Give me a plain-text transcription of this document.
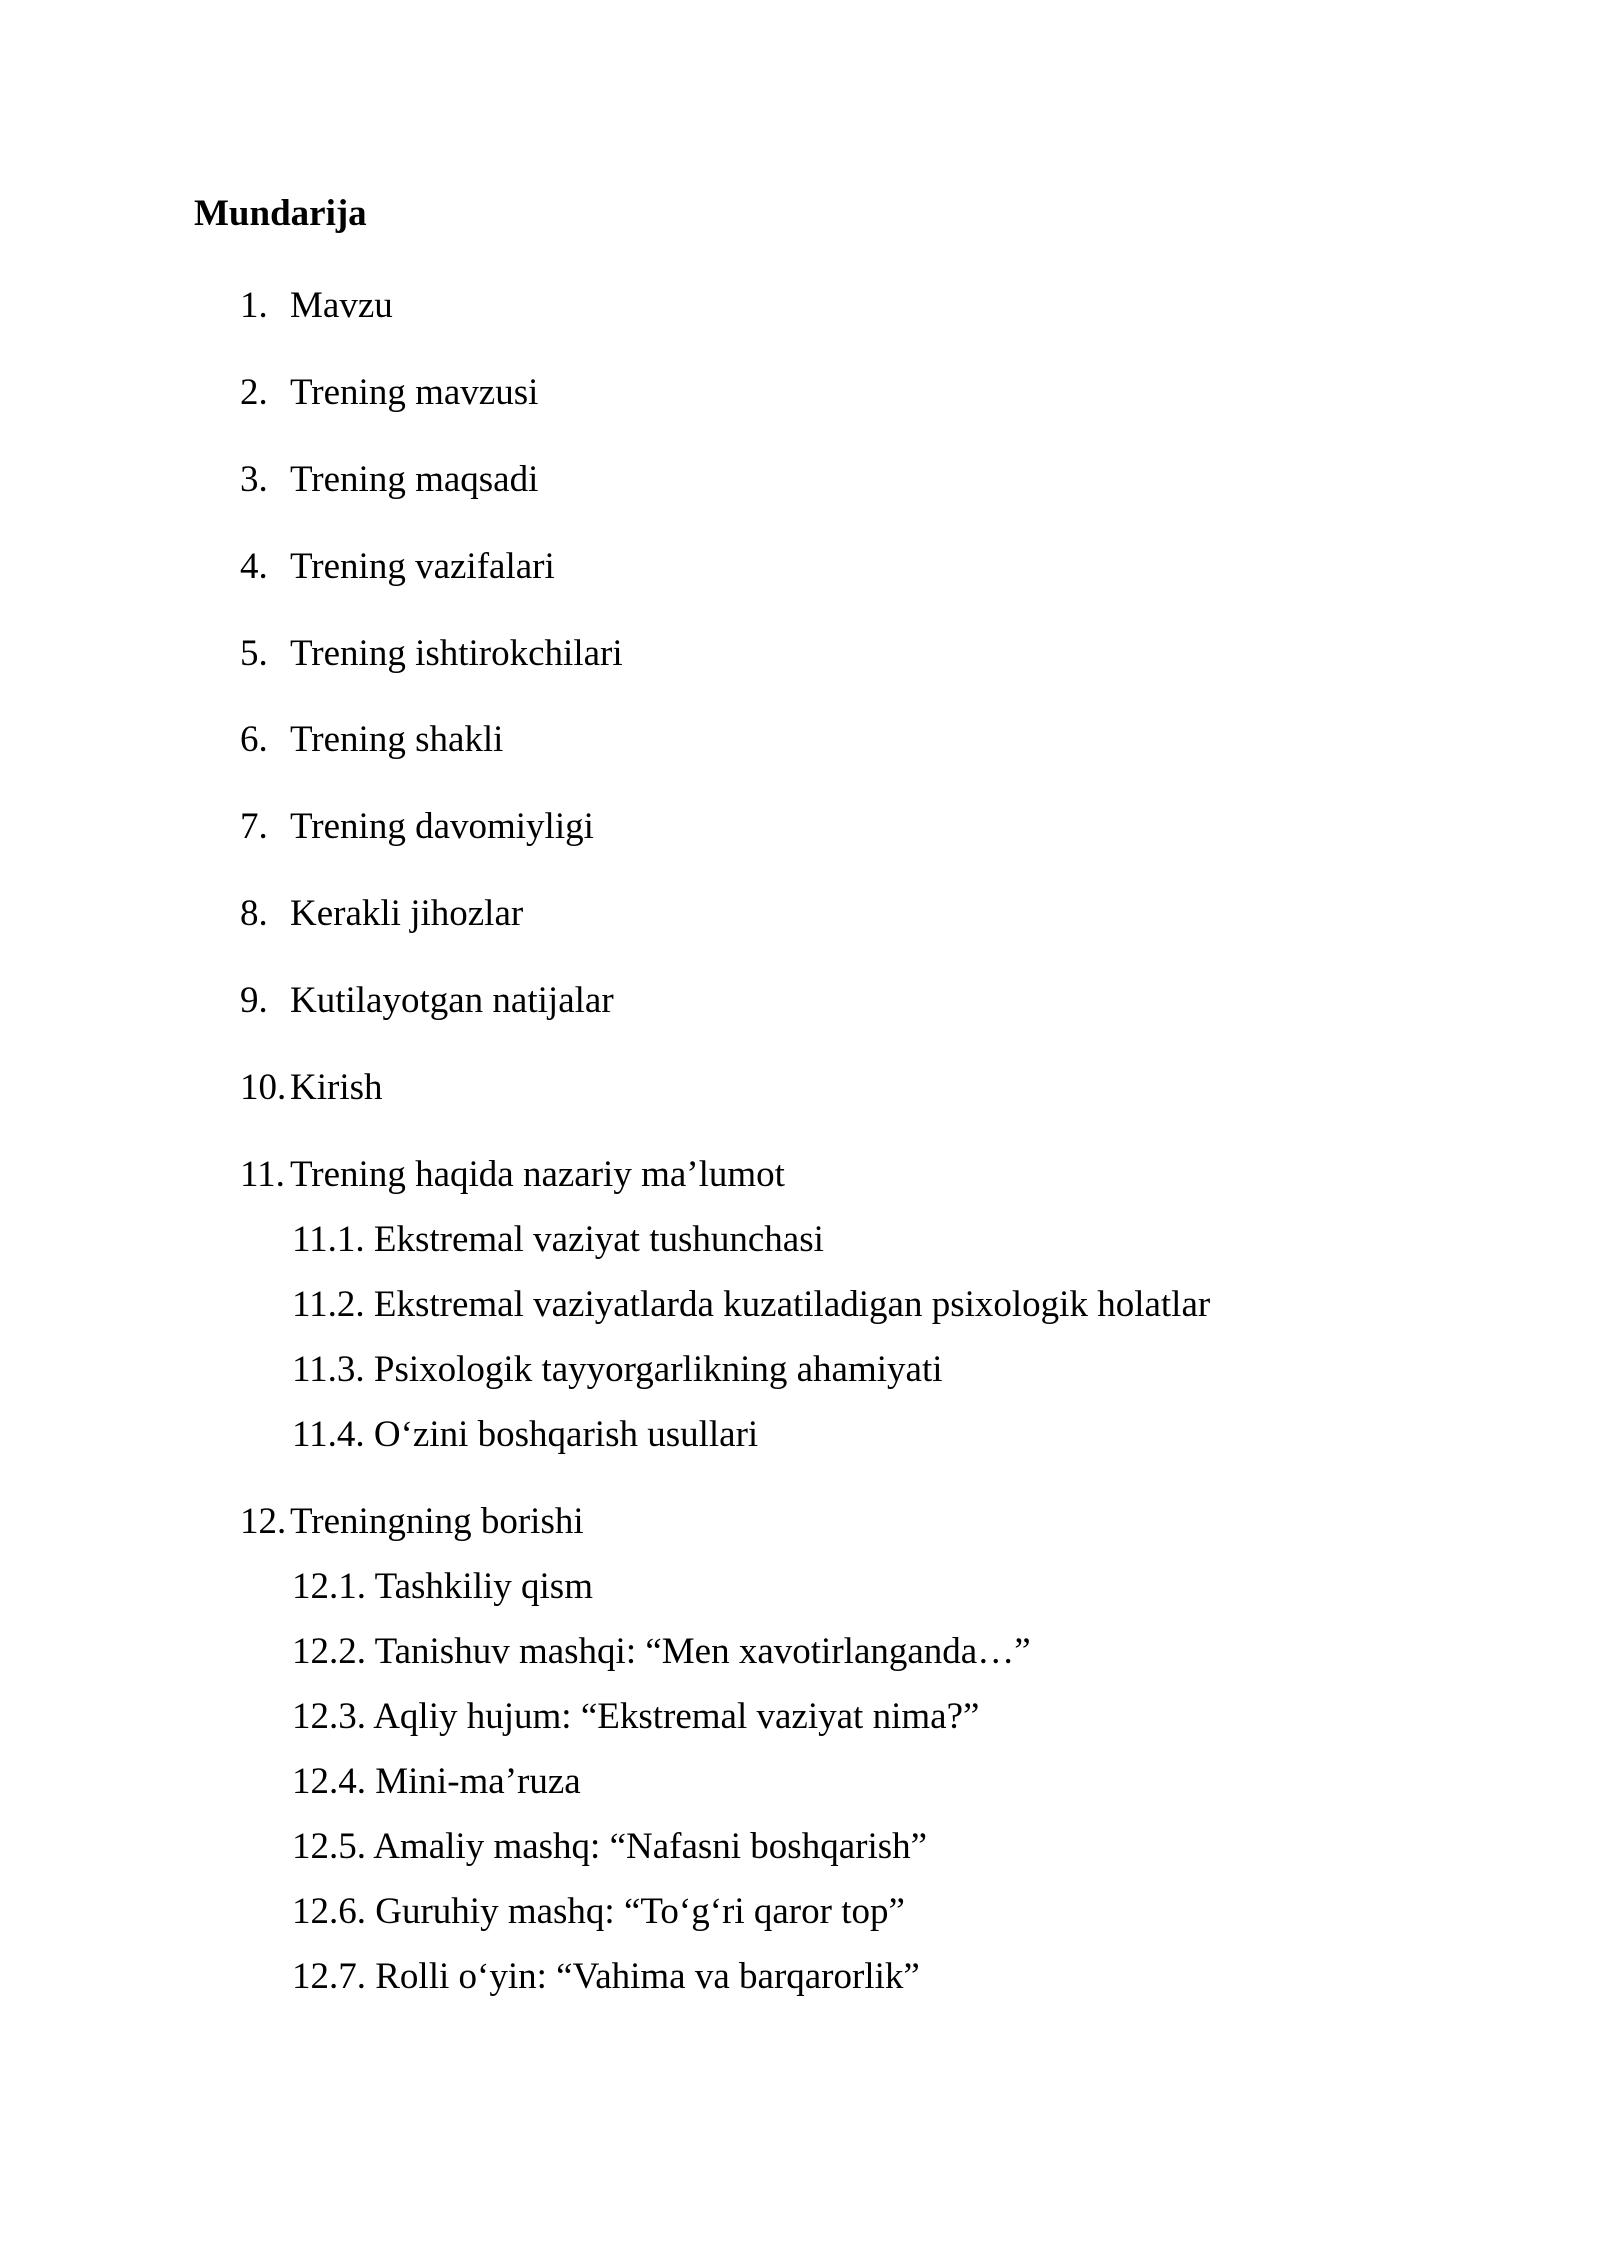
Mundarija
1. Mavzu
2. Trening mavzusi
3. Trening maqsadi
4. Trening vazifalari
5. Trening ishtirokchilari
6. Trening shakli
7. Trening davomiyligi
8. Kerakli jihozlar
9. Kutilayotgan natijalar
10. Kirish
11. Trening haqida nazariy ma’lumot
11.1. Ekstremal vaziyat tushunchasi
11.2. Ekstremal vaziyatlarda kuzatiladigan psixologik holatlar
11.3. Psixologik tayyorgarlikning ahamiyati
11.4. O‘zini boshqarish usullari
12. Treningning borishi
12.1. Tashkiliy qism
12.2. Tanishuv mashqi: “Men xavotirlanganda…”
12.3. Aqliy hujum: “Ekstremal vaziyat nima?”
12.4. Mini-ma’ruza
12.5. Amaliy mashq: “Nafasni boshqarish”
12.6. Guruhiy mashq: “To‘g‘ri qaror top”
12.7. Rolli o‘yin: “Vahima va barqarorlik”
